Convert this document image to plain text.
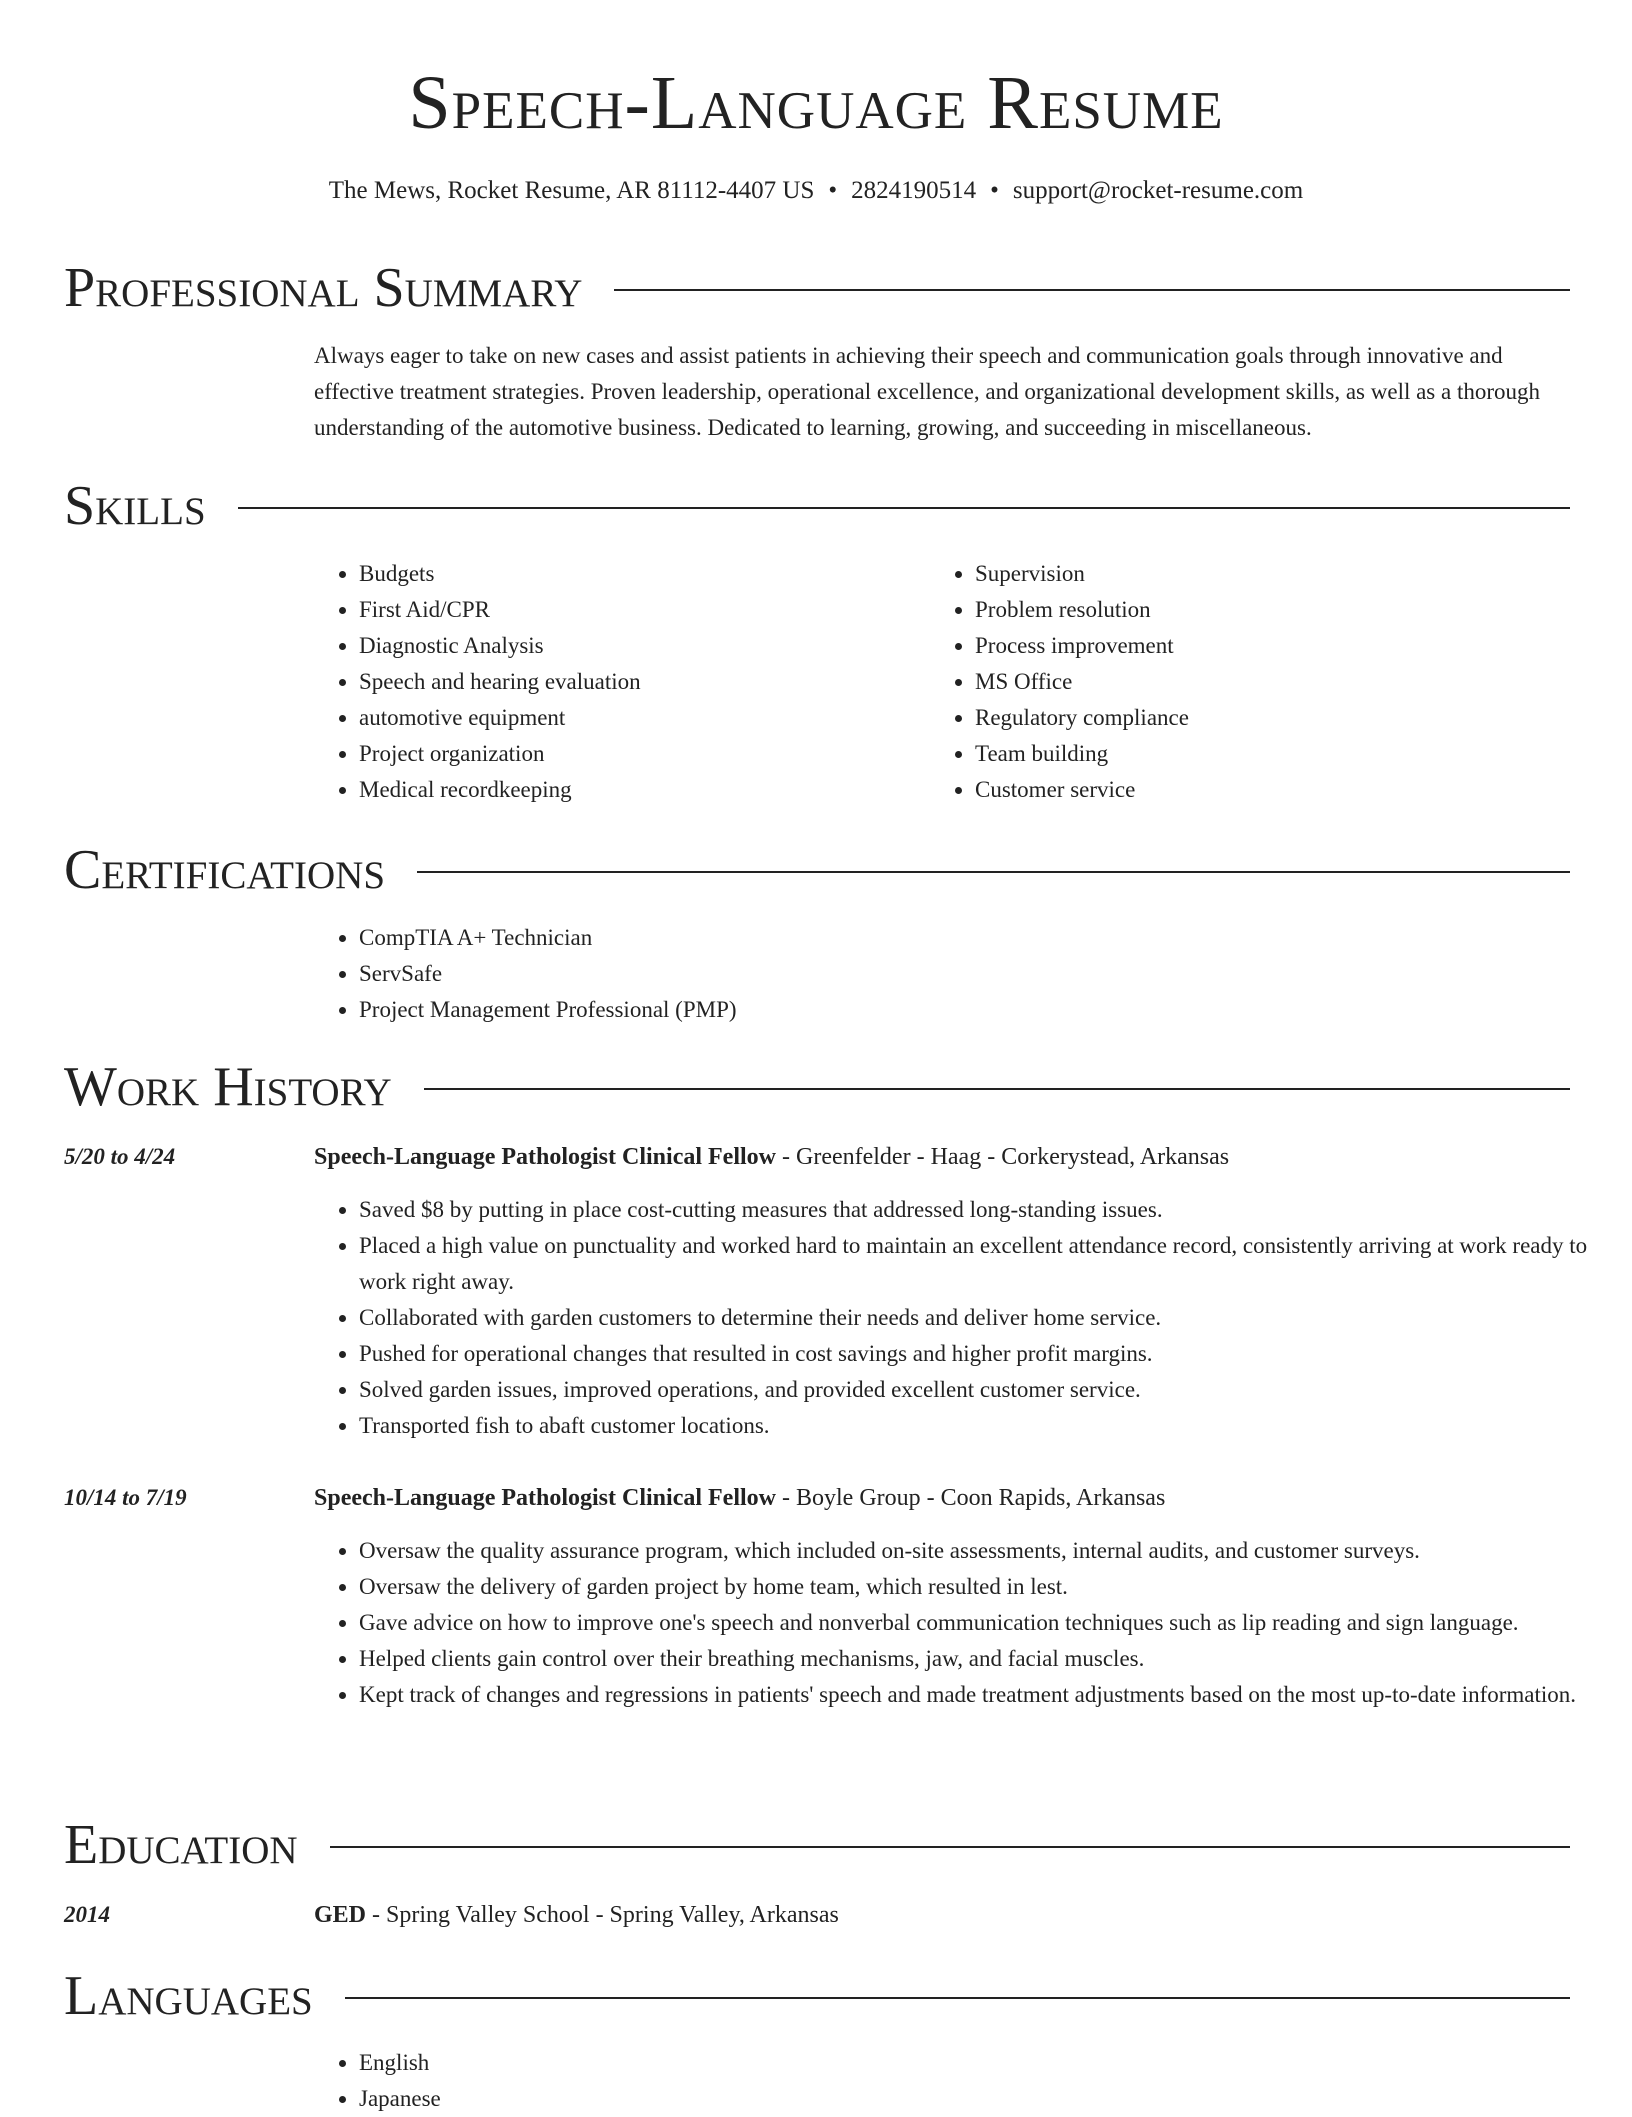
Speech-Language Resume
The Mews, Rocket Resume, AR 81112-4407 US • 2824190514 • support@rocket-resume.com
Professional Summary
Always eager to take on new cases and assist patients in achieving their speech and communication goals through innovative and effective treatment strategies. Proven leadership, operational excellence, and organizational development skills, as well as a thorough understanding of the automotive business. Dedicated to learning, growing, and succeeding in miscellaneous.
Skills
• Budgets
• First Aid/CPR
• Diagnostic Analysis
• Speech and hearing evaluation
• automotive equipment
• Project organization
• Medical recordkeeping
• Supervision
• Problem resolution
• Process improvement
• MS Office
• Regulatory compliance
• Team building
• Customer service
Certifications
• CompTIA A+ Technician
• ServSafe
• Project Management Professional (PMP)
Work History
5/20 to 4/24	Speech-Language Pathologist Clinical Fellow - Greenfelder - Haag - Corkerystead, Arkansas
• Saved $8 by putting in place cost-cutting measures that addressed long-standing issues.
• Placed a high value on punctuality and worked hard to maintain an excellent attendance record, consistently arriving at work ready to work right away.
• Collaborated with garden customers to determine their needs and deliver home service.
• Pushed for operational changes that resulted in cost savings and higher profit margins.
• Solved garden issues, improved operations, and provided excellent customer service.
• Transported fish to abaft customer locations.
10/14 to 7/19	Speech-Language Pathologist Clinical Fellow - Boyle Group - Coon Rapids, Arkansas
• Oversaw the quality assurance program, which included on-site assessments, internal audits, and customer surveys.
• Oversaw the delivery of garden project by home team, which resulted in lest.
• Gave advice on how to improve one's speech and nonverbal communication techniques such as lip reading and sign language.
• Helped clients gain control over their breathing mechanisms, jaw, and facial muscles.
• Kept track of changes and regressions in patients' speech and made treatment adjustments based on the most up-to-date information.
Education
2014	GED - Spring Valley School - Spring Valley, Arkansas
Languages
• English
• Japanese
